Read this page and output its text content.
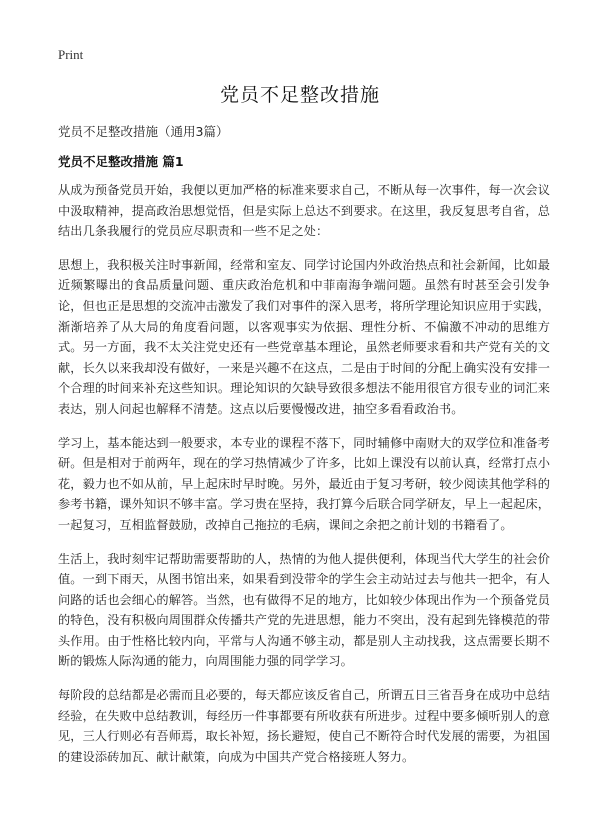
Print
党员不足整改措施
党员不足整改措施（通用3篇）
党员不足整改措施 篇1

从成为预备党员开始，我便以更加严格的标准来要求自己，不断从每一次事件，每一次会议中汲取精神，提高政治思想觉悟，但是实际上总达不到要求。在这里，我反复思考自省，总结出几条我履行的党员应尽职责和一些不足之处：

思想上，我积极关注时事新闻，经常和室友、同学讨论国内外政治热点和社会新闻，比如最近频繁曝出的食品质量问题、重庆政治危机和中菲南海争端问题。虽然有时甚至会引发争论，但也正是思想的交流冲击激发了我们对事件的深入思考，将所学理论知识应用于实践，渐渐培养了从大局的角度看问题，以客观事实为依据、理性分析、不偏激不冲动的思维方式。另一方面，我不太关注党史还有一些党章基本理论，虽然老师要求看和共产党有关的文献，长久以来我却没有做好，一来是兴趣不在这点，二是由于时间的分配上确实没有安排一个合理的时间来补充这些知识。理论知识的欠缺导致很多想法不能用很官方很专业的词汇来表达，别人问起也解释不清楚。这点以后要慢慢改进，抽空多看看政治书。

学习上，基本能达到一般要求，本专业的课程不落下，同时辅修中南财大的双学位和准备考研。但是相对于前两年，现在的学习热情减少了许多，比如上课没有以前认真，经常打点小花，毅力也不如从前，早上起床时早时晚。另外，最近由于复习考研，较少阅读其他学科的参考书籍，课外知识不够丰富。学习贵在坚持，我打算今后联合同学研友，早上一起起床，一起复习，互相监督鼓励，改掉自己拖拉的毛病，课间之余把之前计划的书籍看了。

生活上，我时刻牢记帮助需要帮助的人，热情的为他人提供便利，体现当代大学生的社会价值。一到下雨天，从图书馆出来，如果看到没带伞的学生会主动站过去与他共一把伞，有人问路的话也会细心的解答。当然，也有做得不足的地方，比如较少体现出作为一个预备党员的特色，没有积极向周围群众传播共产党的先进思想，能力不突出，没有起到先锋模范的带头作用。由于性格比较内向，平常与人沟通不够主动，都是别人主动找我，这点需要长期不断的锻炼人际沟通的能力，向周围能力强的同学学习。

每阶段的总结都是必需而且必要的，每天都应该反省自己，所谓五日三省吾身在成功中总结经验，在失败中总结教训，每经历一件事都要有所收获有所进步。过程中要多倾听别人的意见，三人行则必有吾师焉，取长补短，扬长避短，使自己不断符合时代发展的需要，为祖国的建设添砖加瓦、献计献策，向成为中国共产党合格接班人努力。
